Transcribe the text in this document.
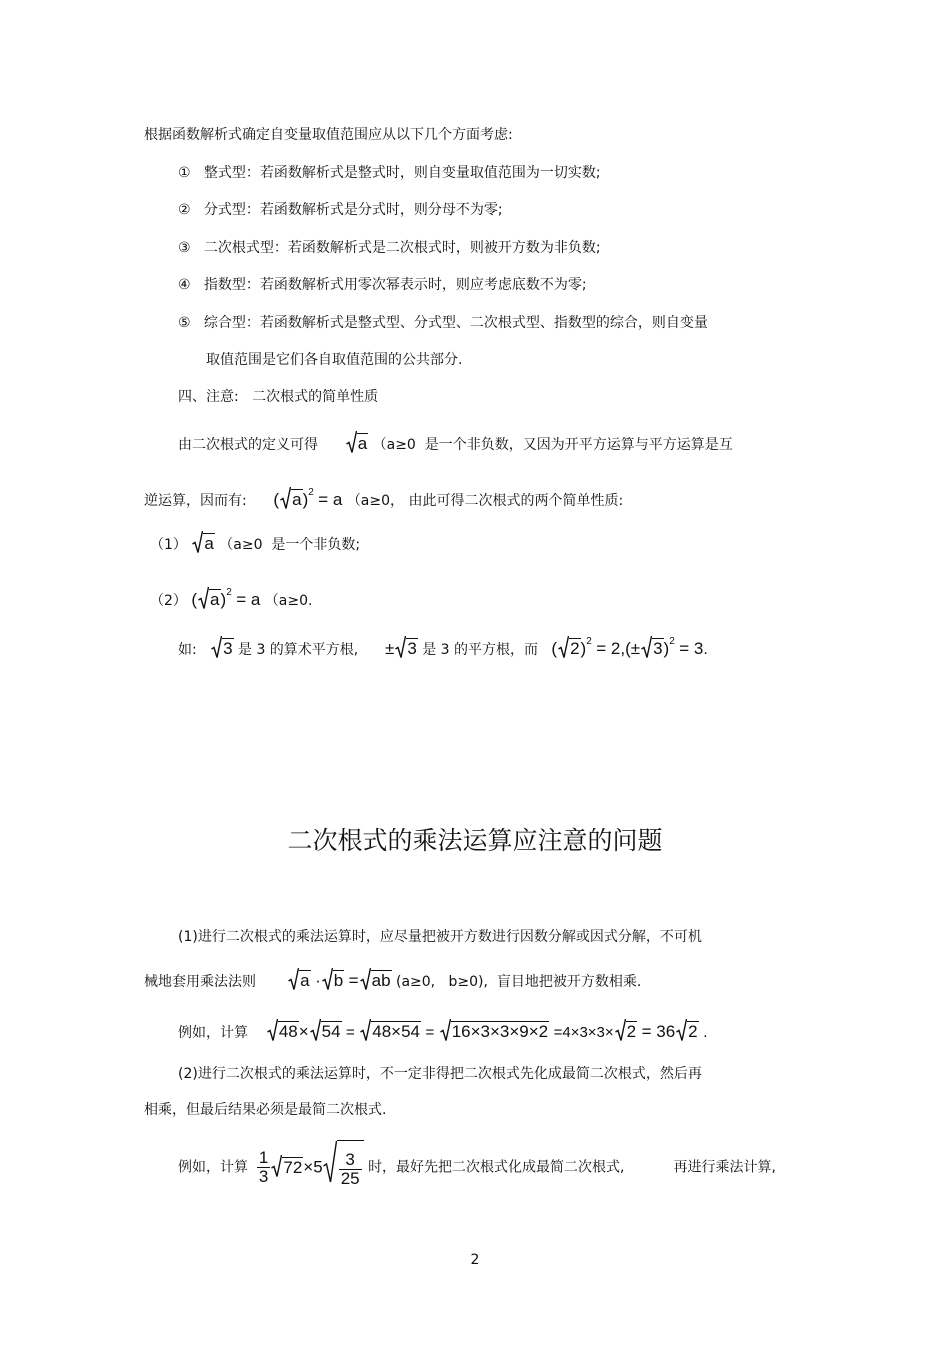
根据函数解析式确定自变量取值范围应从以下几个方面考虑:
① 整式型：若函数解析式是整式时，则自变量取值范围为一切实数;
② 分式型：若函数解析式是分式时，则分母不为零;
③ 二次根式型：若函数解析式是二次根式时，则被开方数为非负数;
④ 指数型：若函数解析式用零次幂表示时，则应考虑底数不为零;
⑤ 综合型：若函数解析式是整式型、分式型、二次根式型、指数型的综合，则自变量
取值范围是它们各自取值范围的公共部分.
四、注意: 二次根式的简单性质
由二次根式的定义可得 a （a≥0 是一个非负数，又因为开平方运算与平方运算是互
逆运算，因而有: ( a)$^2$ = a （a≥0， 由此可得二次根式的两个简单性质:
（1） a （a≥0 是一个非负数;
（2） ( a)$^2$ = a （a≥0.
如: 3 是 3 的算术平方根, ± 3 是 3 的平方根，而 ( $2)^2 = 2,(\pm 3)^2 = 3$.
二次根式的乘法运算应注意的问题
(1)进行二次根式的乘法运算时，应尽量把被开方数进行因数分解或因式分解，不可机
械地套用乘法法则	a · b = ab (a≥0, b≥0), 盲目地把被开方数相乘.
例如，计算 48× 54 = 48×54 = 16×3×3×9×2 =4×3×3× 2 = 36 2 .
(2)进行二次根式的乘法运算时，不一定非得把二次根式先化成最简二次根式，然后再
相乘，但最后结果必须是最简二次根式.
例如，计算 $\frac{1}{3} 72\times 5 \frac{3}{25}$ 时，最好先把二次根式化成最简二次根式,	再进行乘法计算,
2
